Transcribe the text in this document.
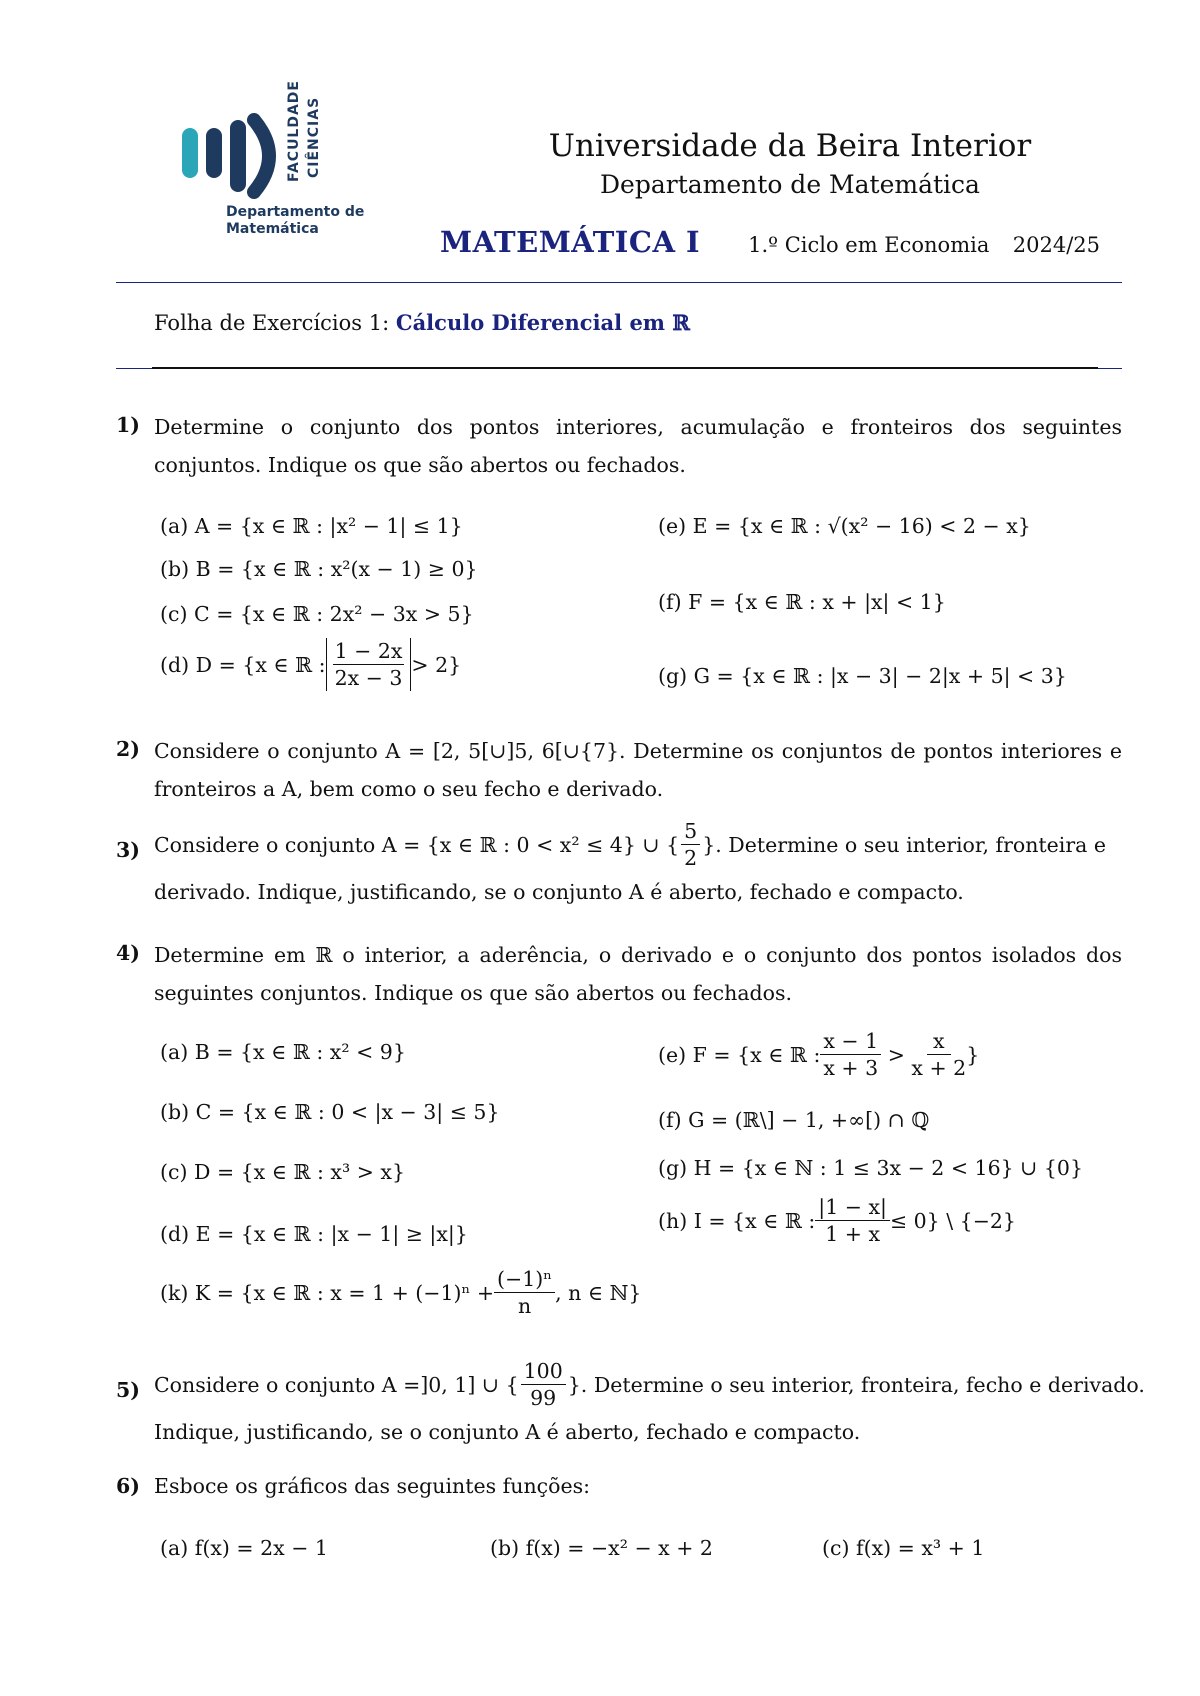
FACULDADE CIÊNCIAS
Departamento de
Matemática
Universidade da Beira Interior
Departamento de Matemática
MATEMÁTICA I 1.º Ciclo em Economia 2024/25
Folha de Exercícios 1: Cálculo Diferencial em ℝ
1) Determine o conjunto dos pontos interiores, acumulação e fronteiros dos seguintes conjuntos. Indique os que são abertos ou fechados.
(a) A = {x ∈ ℝ : |x² − 1| ≤ 1}
(b) B = {x ∈ ℝ : x²(x − 1) ≥ 0}
(c) C = {x ∈ ℝ : 2x² − 3x > 5}
(d) D = {x ∈ ℝ : $\frac{1 - 2x}{2x - 3} > 2$}
(e) E = {x ∈ ℝ : √(x² − 16) < 2 − x}
(f) F = {x ∈ ℝ : x + |x| < 1}
(g) G = {x ∈ ℝ : |x − 3| − 2|x + 5| < 3}
2) Considere o conjunto A = [2, 5[∪]5, 6[∪{7}. Determine os conjuntos de pontos interiores e fronteiros a A, bem como o seu fecho e derivado.
3) Considere o conjunto A = {x ∈ ℝ : 0 < x² ≤ 4} ∪ { $\frac{5}{2}$ }. Determine o seu interior, fronteira e
derivado. Indique, justificando, se o conjunto A é aberto, fechado e compacto.
4) Determine em ℝ o interior, a aderência, o derivado e o conjunto dos pontos isolados dos seguintes conjuntos. Indique os que são abertos ou fechados.
(a) B = {x ∈ ℝ : x² < 9}
(b) C = {x ∈ ℝ : 0 < |x − 3| ≤ 5}
(c) D = {x ∈ ℝ : x³ > x}
(d) E = {x ∈ ℝ : |x − 1| ≥ |x|}
(e) F = {x ∈ ℝ : $\frac{x - 1}{x + 3} > \frac{x}{x + 2}$ }
(f) G = (ℝ\] − 1, +∞[) ∩ ℚ
(g) H = {x ∈ ℕ : 1 ≤ 3x − 2 < 16} ∪ {0}
(h) I = {x ∈ ℝ : $\frac{|1 - x|}{1 + x} \le 0$} \ {−2}
(k) K = {x ∈ ℝ : $x = 1 + (-1)^n + \frac{\text{(−1)ⁿ}}{n}$ , n ∈ ℕ}
5) Considere o conjunto A =]0, 1] ∪ { $\frac{100}{99}$ }. Determine o seu interior, fronteira, fecho e derivado.
Indique, justificando, se o conjunto A é aberto, fechado e compacto.
6) Esboce os gráficos das seguintes funções:
(a) f(x) = 2x − 1	(b) f(x) = −x² − x + 2	(c) f(x) = x³ + 1
